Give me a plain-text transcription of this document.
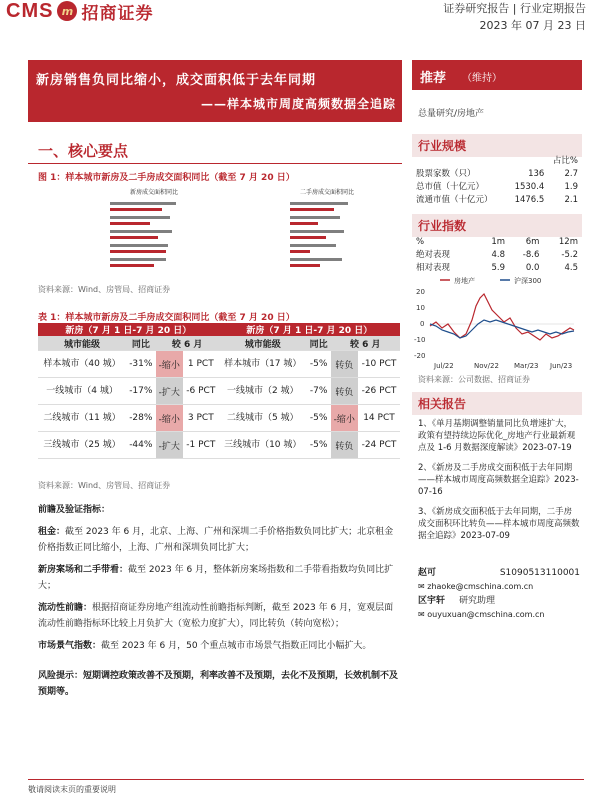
CMS m 招商证券	证券研究报告 | 行业定期报告
2023 年 07 月 23 日
新房销售负同比缩小，成交面积低于去年同期
——样本城市周度高频数据全追踪
推荐 （维持）
总量研究/房地产
行业规模
		占比%
股票家数（只）	136	2.7
总市值（十亿元）	1530.4	1.9
流通市值（十亿元）	1476.5	2.1
行业指数
%	1m	6m	12m
绝对表现	4.8	-8.6	-5.2
相对表现	5.9	0.0	4.5
房地产	沪深300
20
10
0
-10
-20
Jul/22	Nov/22 Mar/23 Jun/23
资料来源：公司数据、招商证券
相关报告
1、《单月基期调整销量同比负增速扩大，政策有望持续边际优化_房地产行业最新观点及 1-6 月数据深度解读》2023-07-19
2、《新房及二手房成交面积低于去年同期——样本城市周度高频数据全追踪》2023-07-16
3、《新房成交面积低于去年同期，二手房成交面积环比转负——样本城市周度高频数据全追踪》2023-07-09
赵可	S1090513110001
✉ zhaoke@cmschina.com.cn
区宇轩 研究助理
✉ ouyuxuan@cmschina.com.cn
一、核心要点
图 1：样本城市新房及二手房成交面积同比（截至 7 月 20 日）
新房成交面积同比	二手房成交面积同比
资料来源：Wind、房管局、招商证券
表 1：样本城市新房及二手房成交面积同比（截至 7 月 20 日）
新房（7 月 1 日-7 月 20 日）				新房（7 月 1 日-7 月 20 日）			
城市能级	同比	较 6 月		城市能级	同比	较 6 月	
样本城市（40 城）	-31%	-缩小	1 PCT	样本城市（17 城）	-5%	转负	-10 PCT
一线城市（4 城）	-17%	-扩大	-6 PCT	一线城市（2 城）	-7%	转负	-26 PCT
二线城市（11 城）	-28%	-缩小	3 PCT	二线城市（5 城）	-5%	-缩小	14 PCT
三线城市（25 城）	-44%	-扩大	-1 PCT	三线城市（10 城）	-5%	转负	-24 PCT
资料来源：Wind、房管局、招商证券
前瞻及验证指标：
租金：截至 2023 年 6 月，北京、上海、广州和深圳二手价格指数负同比扩大；北京租金价格指数正同比缩小，上海、广州和深圳负同比扩大；
新房案场和二手带看：截至 2023 年 6 月，整体新房案场指数和二手带看指数均负同比扩大；
流动性前瞻：根据招商证券房地产组流动性前瞻指标判断，截至 2023 年 6 月，宽观层面流动性前瞻指标环比较上月负扩大（宽松力度扩大），同比转负（转向宽松）；
市场景气指数：截至 2023 年 6 月，50 个重点城市市场景气指数正同比小幅扩大。
风险提示：短期调控政策改善不及预期，利率改善不及预期，去化不及预期，长效机制不及预期等。
敬请阅读末页的重要说明
